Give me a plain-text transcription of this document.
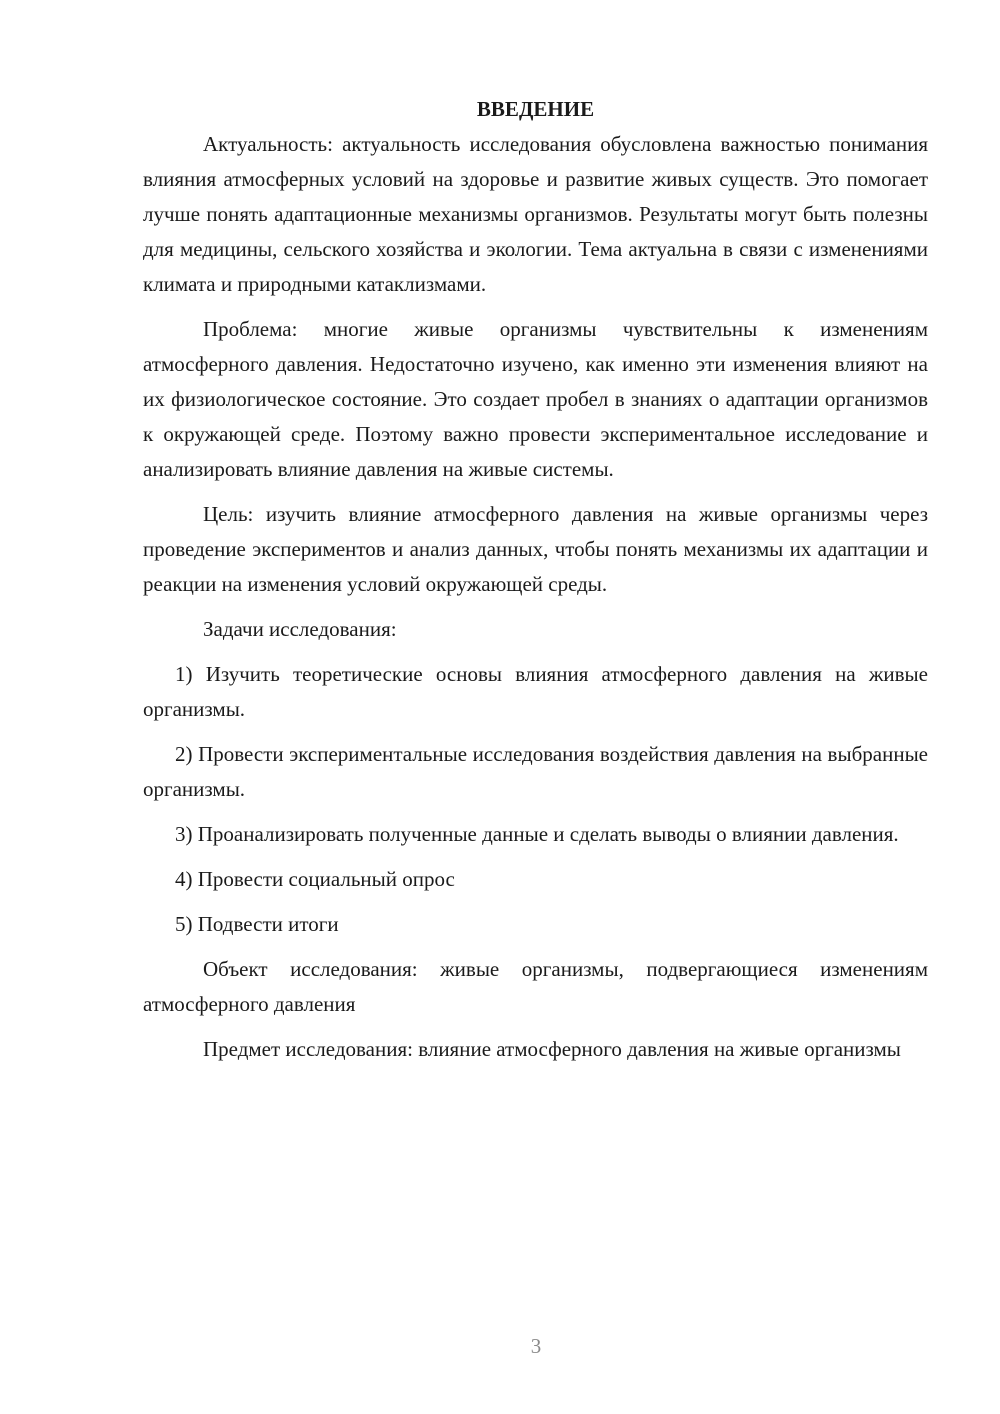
ВВЕДЕНИЕ

Актуальность: актуальность исследования обусловлена важностью понимания влияния атмосферных условий на здоровье и развитие живых существ. Это помогает лучше понять адаптационные механизмы организмов. Результаты могут быть полезны для медицины, сельского хозяйства и экологии. Тема актуальна в связи с изменениями климата и природными катаклизмами.

Проблема: многие живые организмы чувствительны к изменениям атмосферного давления. Недостаточно изучено, как именно эти изменения влияют на их физиологическое состояние. Это создает пробел в знаниях о адаптации организмов к окружающей среде. Поэтому важно провести экспериментальное исследование и анализировать влияние давления на живые системы.

Цель: изучить влияние атмосферного давления на живые организмы через проведение экспериментов и анализ данных, чтобы понять механизмы их адаптации и реакции на изменения условий окружающей среды.

Задачи исследования:

1) Изучить теоретические основы влияния атмосферного давления на живые организмы.

2) Провести экспериментальные исследования воздействия давления на выбранные организмы.

3) Проанализировать полученные данные и сделать выводы о влиянии давления.

4) Провести социальный опрос

5) Подвести итоги

Объект исследования: живые организмы, подвергающиеся изменениям атмосферного давления

Предмет исследования: влияние атмосферного давления на живые организмы

3
